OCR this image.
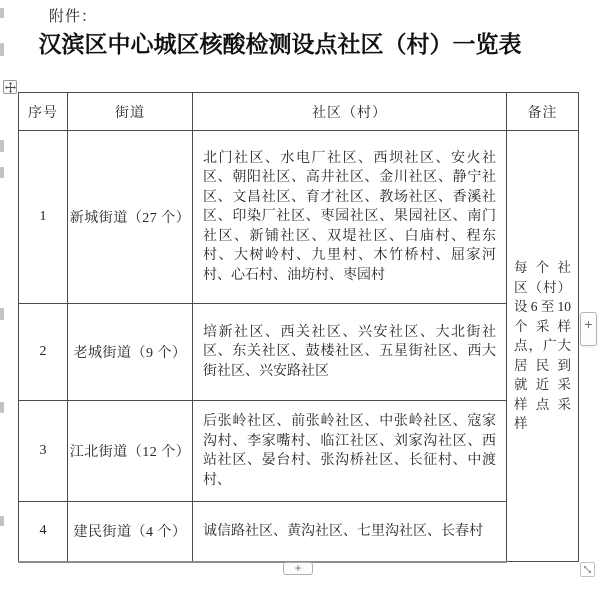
附件：
汉滨区中心城区核酸检测设点社区（村）一览表
序号	街道	社区（村）	备注
1	新城街道（27 个）	北门社区、水电厂社区、西坝社区、安火社区、朝阳社区、高井社区、金川社区、静宁社区、文昌社区、育才社区、教场社区、香溪社区、印染厂社区、枣园社区、果园社区、南门社区、新铺社区、双堤社区、白庙村、程东村、大树岭村、九里村、木竹桥村、屈家河村、心石村、油坊村、枣园村	每个社
区（村）
设6至10
个采样
点，广大
居民到
就近采
样点采
样

2	老城街道（9 个）	培新社区、西关社区、兴安社区、大北街社区、东关社区、鼓楼社区、五星街社区、西大街社区、兴安路社区	
3	江北街道（12 个）	后张岭社区、前张岭社区、中张岭社区、寇家沟村、李家嘴村、临江社区、刘家沟社区、西站社区、晏台村、张沟桥社区、长征村、中渡村、	
4	建民街道（4 个）	诚信路社区、黄沟社区、七里沟社区、长春村	
+
+
